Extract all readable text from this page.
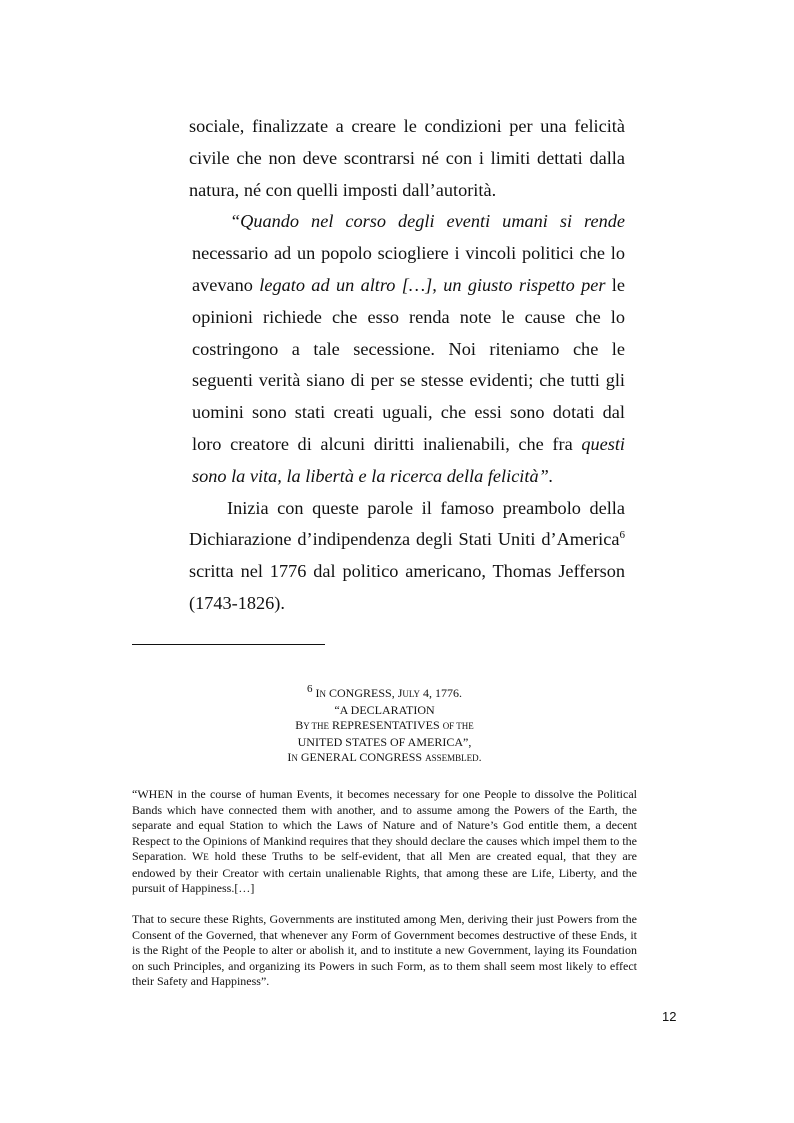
sociale, finalizzate a creare le condizioni per una felicità civile che non deve scontrarsi né con i limiti dettati dalla natura, né con quelli imposti dall’autorità.

“Quando nel corso degli eventi umani si rende necessario ad un popolo sciogliere i vincoli politici che lo avevano legato ad un altro […], un giusto rispetto per le opinioni richiede che esso renda note le cause che lo costringono a tale secessione. Noi riteniamo che le seguenti verità siano di per se stesse evidenti; che tutti gli uomini sono stati creati uguali, che essi sono dotati dal loro creatore di alcuni diritti inalienabili, che fra questi sono la vita, la libertà e la ricerca della felicità”.

Inizia con queste parole il famoso preambolo della Dichiarazione d’indipendenza degli Stati Uniti d’America$^6$ scritta nel 1776 dal politico americano, Thomas Jefferson (1743-1826).

$^6$ IN CONGRESS, JULY 4, 1776.
“A DECLARATION
BY THE REPRESENTATIVES OF THE
UNITED STATES OF AMERICA”,
IN GENERAL CONGRESS ASSEMBLED.

“WHEN in the course of human Events, it becomes necessary for one People to dissolve the Political Bands which have connected them with another, and to assume among the Powers of the Earth, the separate and equal Station to which the Laws of Nature and of Nature’s God entitle them, a decent Respect to the Opinions of Mankind requires that they should declare the causes which impel them to the Separation. WE hold these Truths to be self-evident, that all Men are created equal, that they are endowed by their Creator with certain unalienable Rights, that among these are Life, Liberty, and the pursuit of Happiness.[…]

That to secure these Rights, Governments are instituted among Men, deriving their just Powers from the Consent of the Governed, that whenever any Form of Government becomes destructive of these Ends, it is the Right of the People to alter or abolish it, and to institute a new Government, laying its Foundation on such Principles, and organizing its Powers in such Form, as to them shall seem most likely to effect their Safety and Happiness”.

12
